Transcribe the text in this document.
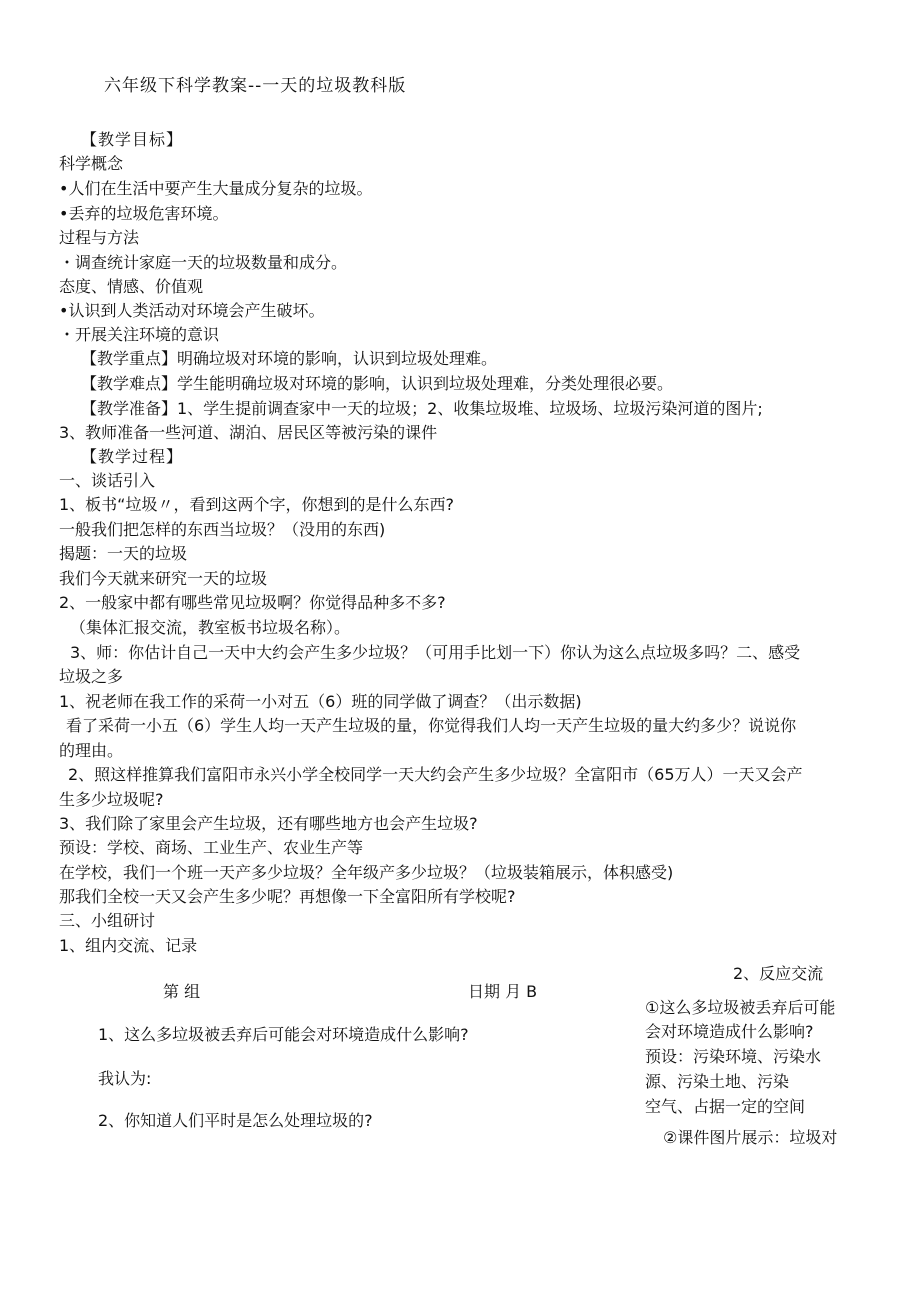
六年级下科学教案--一天的垃圾教科版
【教学目标】
科学概念
•人们在生活中要产生大量成分复杂的垃圾。
•丢弃的垃圾危害环境。
过程与方法
・调查统计家庭一天的垃圾数量和成分。
态度、情感、价值观
•认识到人类活动对环境会产生破坏。
・开展关注环境的意识
【教学重点】明确垃圾对环境的影响，认识到垃圾处理难。
【教学难点】学生能明确垃圾对环境的影响，认识到垃圾处理难，分类处理很必要。
【教学准备】1、学生提前调查家中一天的垃圾；2、收集垃圾堆、垃圾场、垃圾污染河道的图片;
3、教师准备一些河道、湖泊、居民区等被污染的课件
【教学过程】
一、谈话引入
1、板书“垃圾〃，看到这两个字，你想到的是什么东西?
一般我们把怎样的东西当垃圾？（没用的东西)
揭题：一天的垃圾
我们今天就来研究一天的垃圾
2、一般家中都有哪些常见垃圾啊？你觉得品种多不多?
（集体汇报交流，教室板书垃圾名称）。
3、师：你估计自己一天中大约会产生多少垃圾？（可用手比划一下）你认为这么点垃圾多吗？二、感受
垃圾之多
1、祝老师在我工作的采荷一小对五（6）班的同学做了调查？（出示数据)
看了采荷一小五（6）学生人均一天产生垃圾的量，你觉得我们人均一天产生垃圾的量大约多少？说说你
的理由。
2、照这样推算我们富阳市永兴小学全校同学一天大约会产生多少垃圾？全富阳市（65万人）一天又会产
生多少垃圾呢?
3、我们除了家里会产生垃圾，还有哪些地方也会产生垃圾?
预设：学校、商场、工业生产、农业生产等
在学校，我们一个班一天产多少垃圾？全年级产多少垃圾？（垃圾装箱展示，体积感受)
那我们全校一天又会产生多少呢？再想像一下全富阳所有学校呢?
三、小组研讨
1、组内交流、记录
第 组	日期 月 B
1、这么多垃圾被丢弃后可能会对环境造成什么影响?
我认为:
2、你知道人们平时是怎么处理垃圾的?
2、反应交流
①这么多垃圾被丢弃后可能
会对环境造成什么影响?
预设：污染环境、污染水
源、污染土地、污染
空气、占据一定的空间
②课件图片展示：垃圾对
